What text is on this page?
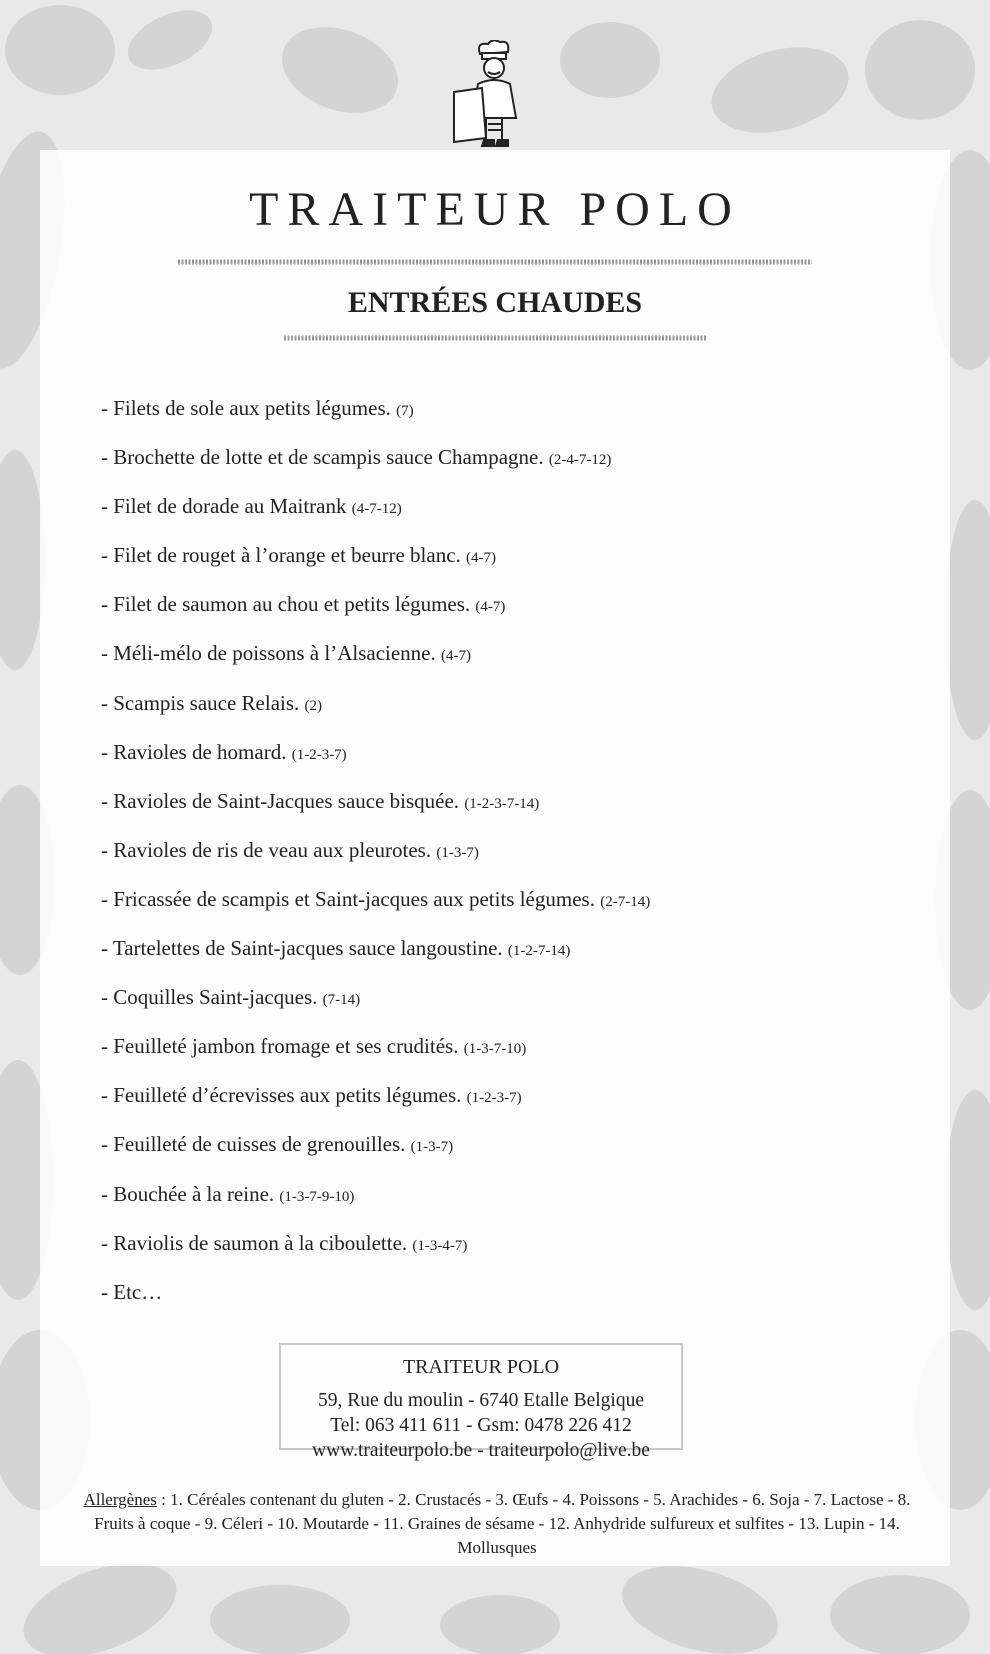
TRAITEUR POLO
ENTRÉES CHAUDES
- Filets de sole aux petits légumes. (7)
- Brochette de lotte et de scampis sauce Champagne. (2-4-7-12)
- Filet de dorade au Maitrank (4-7-12)
- Filet de rouget à l’orange et beurre blanc. (4-7)
- Filet de saumon au chou et petits légumes. (4-7)
- Méli-mélo de poissons à l’Alsacienne. (4-7)
- Scampis sauce Relais. (2)
- Ravioles de homard. (1-2-3-7)
- Ravioles de Saint-Jacques sauce bisquée. (1-2-3-7-14)
- Ravioles de ris de veau aux pleurotes. (1-3-7)
- Fricassée de scampis et Saint-jacques aux petits légumes. (2-7-14)
- Tartelettes de Saint-jacques sauce langoustine. (1-2-7-14)
- Coquilles Saint-jacques. (7-14)
- Feuilleté jambon fromage et ses crudités. (1-3-7-10)
- Feuilleté d’écrevisses aux petits légumes. (1-2-3-7)
- Feuilleté de cuisses de grenouilles. (1-3-7)
- Bouchée à la reine. (1-3-7-9-10)
- Raviolis de saumon à la ciboulette. (1-3-4-7)
- Etc…
TRAITEUR POLO
59, Rue du moulin - 6740 Etalle Belgique
Tel: 063 411 611 - Gsm: 0478 226 412
www.traiteurpolo.be - traiteurpolo@live.be
Allergènes : 1. Céréales contenant du gluten - 2. Crustacés - 3. Œufs - 4. Poissons - 5. Arachides - 6. Soja - 7. Lactose - 8. Fruits à coque - 9. Céleri - 10. Moutarde - 11. Graines de sésame - 12. Anhydride sulfureux et sulfites - 13. Lupin - 14. Mollusques
